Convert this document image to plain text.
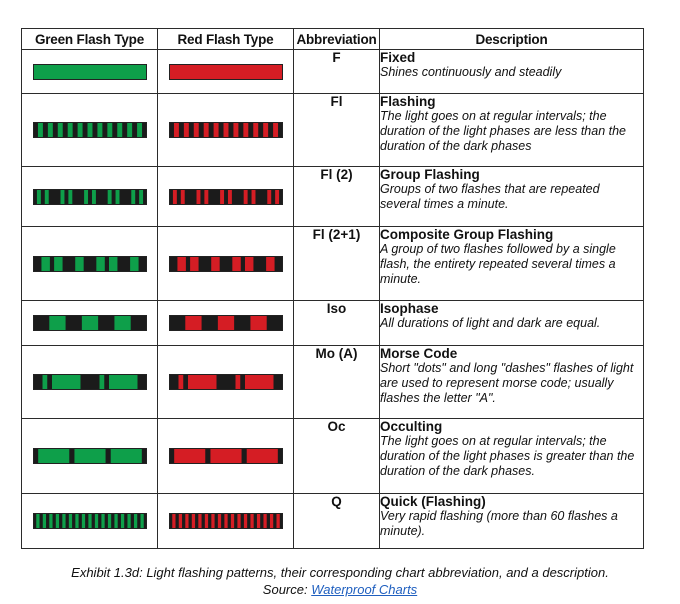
Green Flash Type	Red Flash Type	Abbreviation	Description

	F	Fixed
Shines continuously and steadily

	Fl	Flashing
The light goes on at regular intervals; the duration of the light phases are less than the duration of the dark phases

	Fl (2)	Group Flashing
Groups of two flashes that are repeated several times a minute.

	Fl (2+1)	Composite Group Flashing
A group of two flashes followed by a single flash, the entirety repeated several times a minute.

	Iso	Isophase
All durations of light and dark are equal.

	Mo (A)	Morse Code
Short "dots" and long "dashes" flashes of light are used to represent morse code; usually flashes the letter "A".

	Oc	Occulting
The light goes on at regular intervals; the duration of the light phases is greater than the duration of the dark phases.

	Q	Quick (Flashing)
Very rapid flashing (more than 60 flashes a minute).
Exhibit 1.3d: Light flashing patterns, their corresponding chart abbreviation, and a description.
Source: Waterproof Charts
